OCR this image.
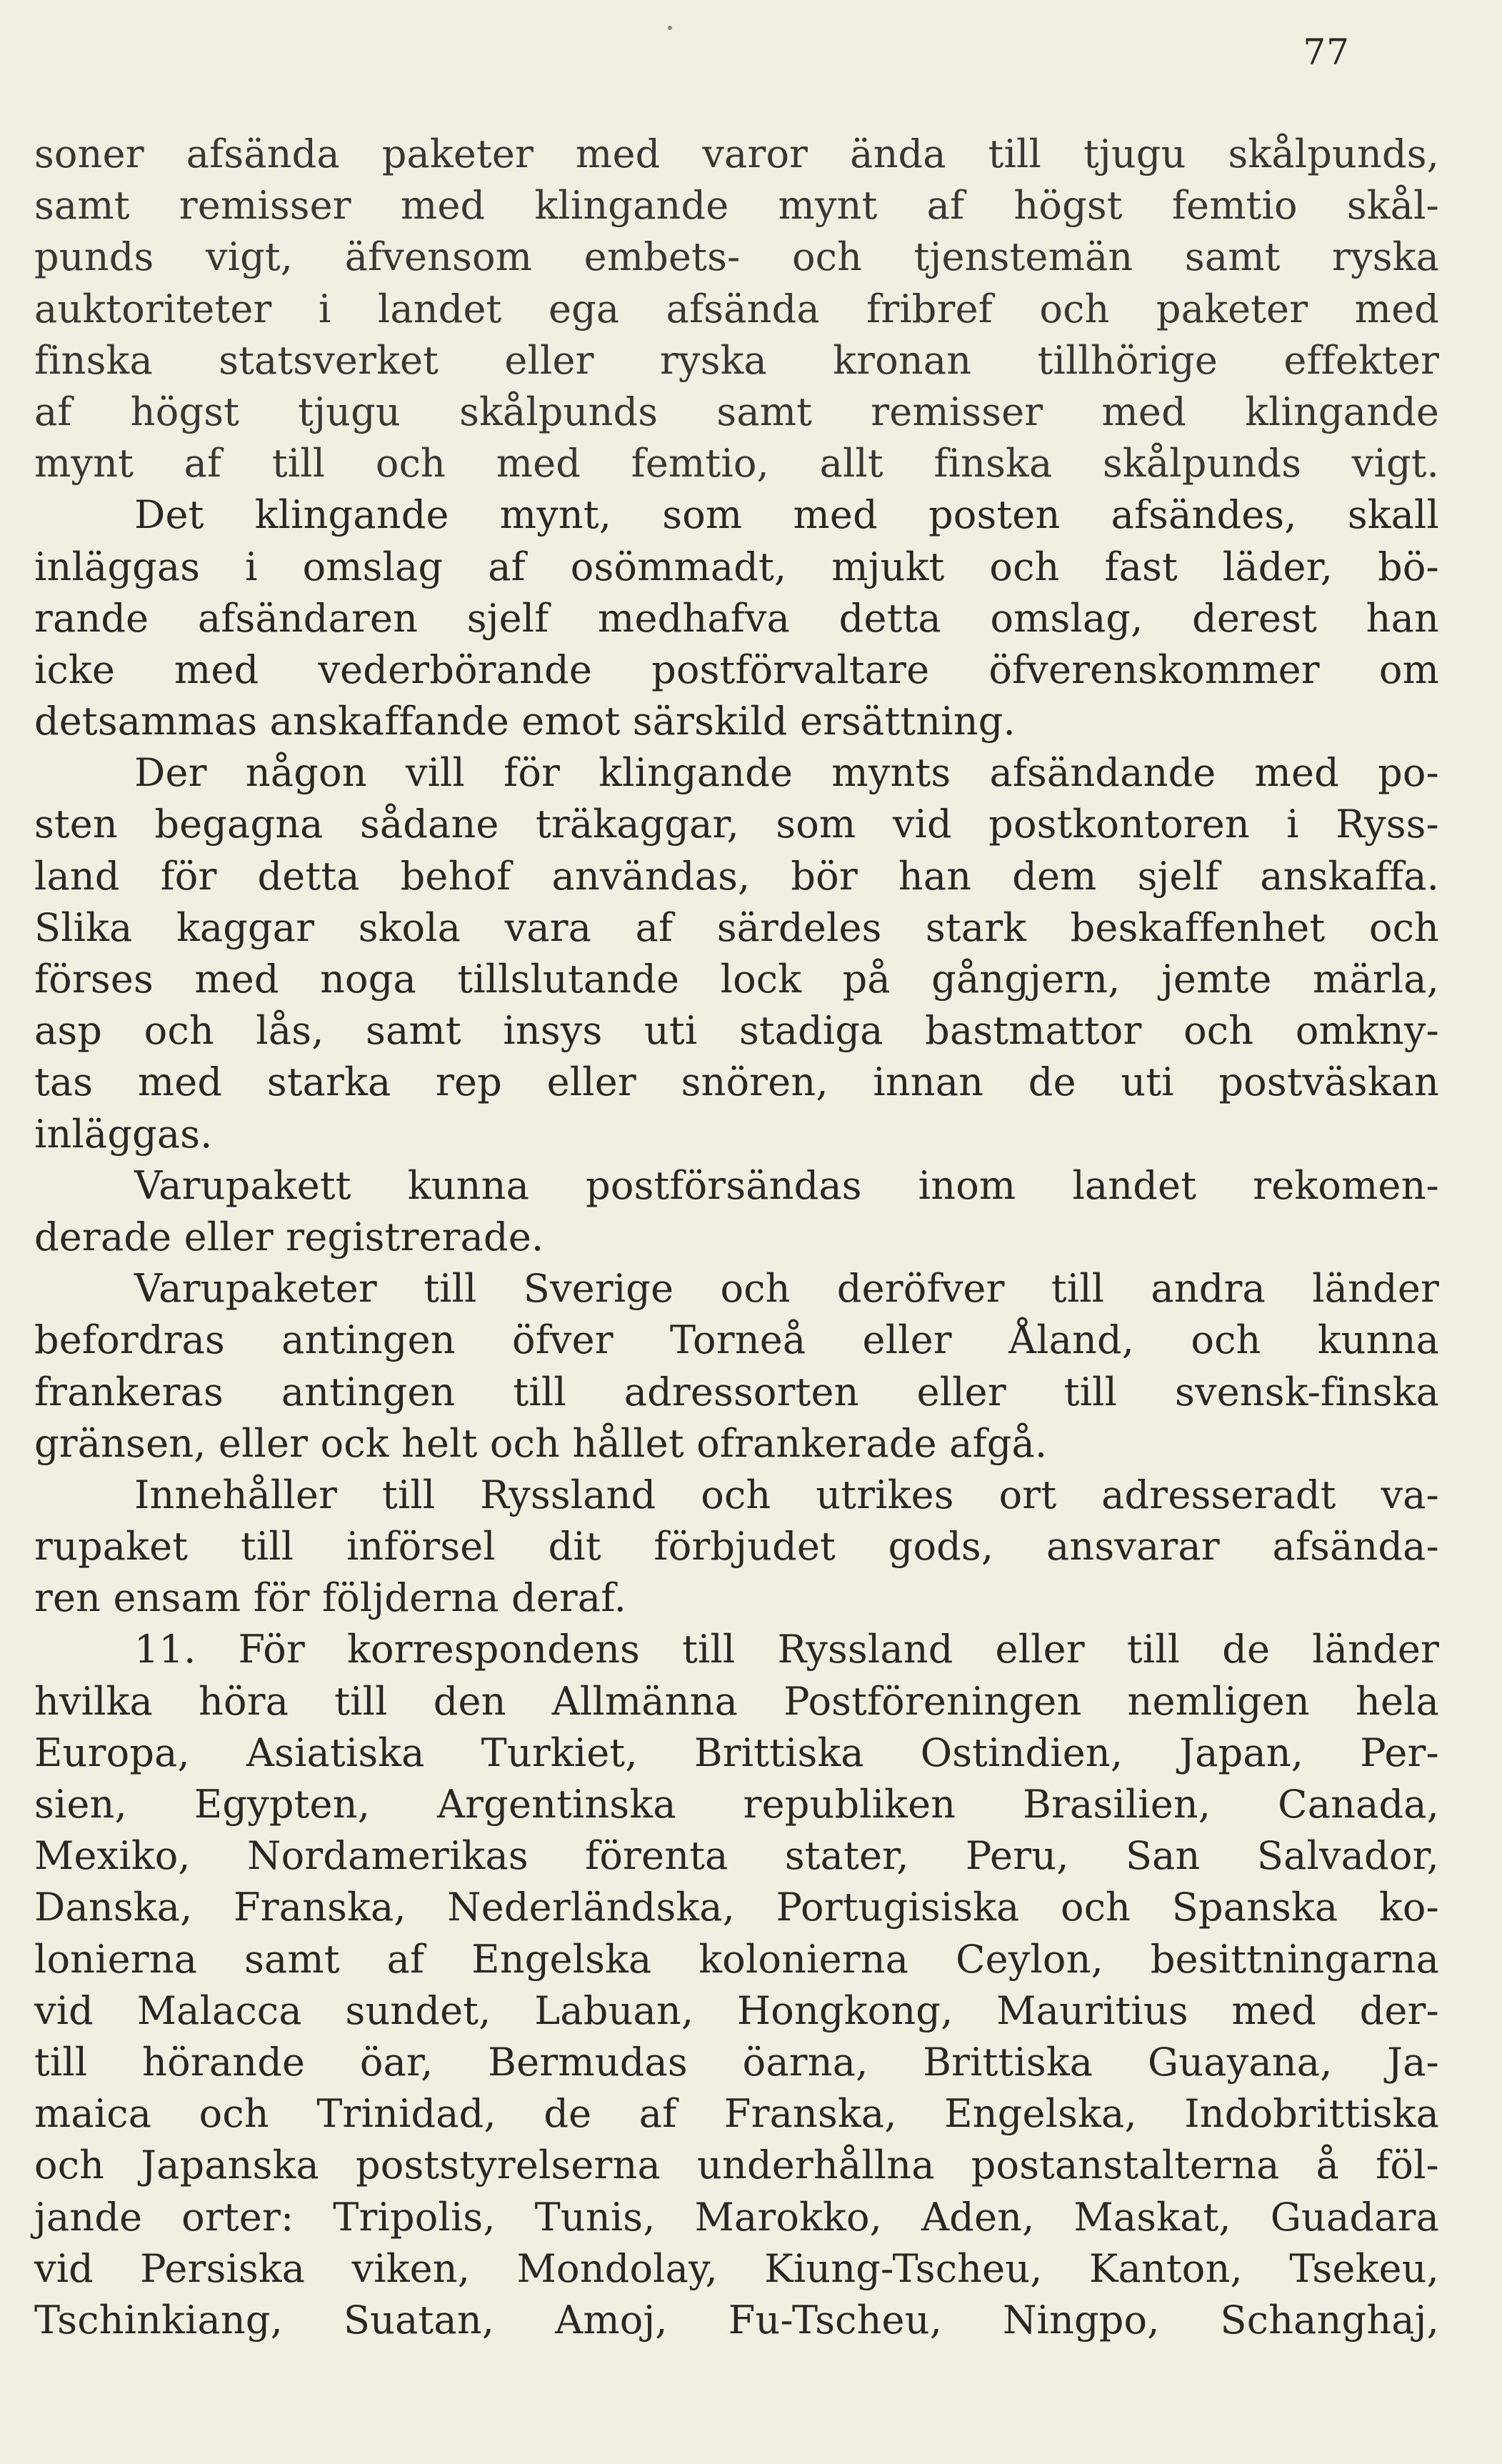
77
soner afsända paketer med varor ända till tjugu skålpunds,
samt remisser med klingande mynt af högst femtio skål-
punds vigt, äfvensom embets- och tjenstemän samt ryska
auktoriteter i landet ega afsända fribref och paketer med
finska statsverket eller ryska kronan tillhörige effekter
af högst tjugu skålpunds samt remisser med klingande
mynt af till och med femtio, allt finska skålpunds vigt.
Det klingande mynt, som med posten afsändes, skall
inläggas i omslag af osömmadt, mjukt och fast läder, bö-
rande afsändaren sjelf medhafva detta omslag, derest han
icke med vederbörande postförvaltare öfverenskommer om
detsammas anskaffande emot särskild ersättning.
Der någon vill för klingande mynts afsändande med po-
sten begagna sådane träkaggar, som vid postkontoren i Ryss-
land för detta behof användas, bör han dem sjelf anskaffa.
Slika kaggar skola vara af särdeles stark beskaffenhet och
förses med noga tillslutande lock på gångjern, jemte märla,
asp och lås, samt insys uti stadiga bastmattor och omkny-
tas med starka rep eller snören, innan de uti postväskan
inläggas.
Varupakett kunna postförsändas inom landet rekomen-
derade eller registrerade.
Varupaketer till Sverige och deröfver till andra länder
befordras antingen öfver Torneå eller Åland, och kunna
frankeras antingen till adressorten eller till svensk-finska
gränsen, eller ock helt och hållet ofrankerade afgå.
Innehåller till Ryssland och utrikes ort adresseradt va-
rupaket till införsel dit förbjudet gods, ansvarar afsända-
ren ensam för följderna deraf.
11. För korrespondens till Ryssland eller till de länder
hvilka höra till den Allmänna Postföreningen nemligen hela
Europa, Asiatiska Turkiet, Brittiska Ostindien, Japan, Per-
sien, Egypten, Argentinska republiken Brasilien, Canada,
Mexiko, Nordamerikas förenta stater, Peru, San Salvador,
Danska, Franska, Nederländska, Portugisiska och Spanska ko-
lonierna samt af Engelska kolonierna Ceylon, besittningarna
vid Malacca sundet, Labuan, Hongkong, Mauritius med der-
till hörande öar, Bermudas öarna, Brittiska Guayana, Ja-
maica och Trinidad, de af Franska, Engelska, Indobrittiska
och Japanska poststyrelserna underhållna postanstalterna å föl-
jande orter: Tripolis, Tunis, Marokko, Aden, Maskat, Guadara
vid Persiska viken, Mondolay, Kiung-Tscheu, Kanton, Tsekeu,
Tschinkiang, Suatan, Amoj, Fu-Tscheu, Ningpo, Schanghaj,
